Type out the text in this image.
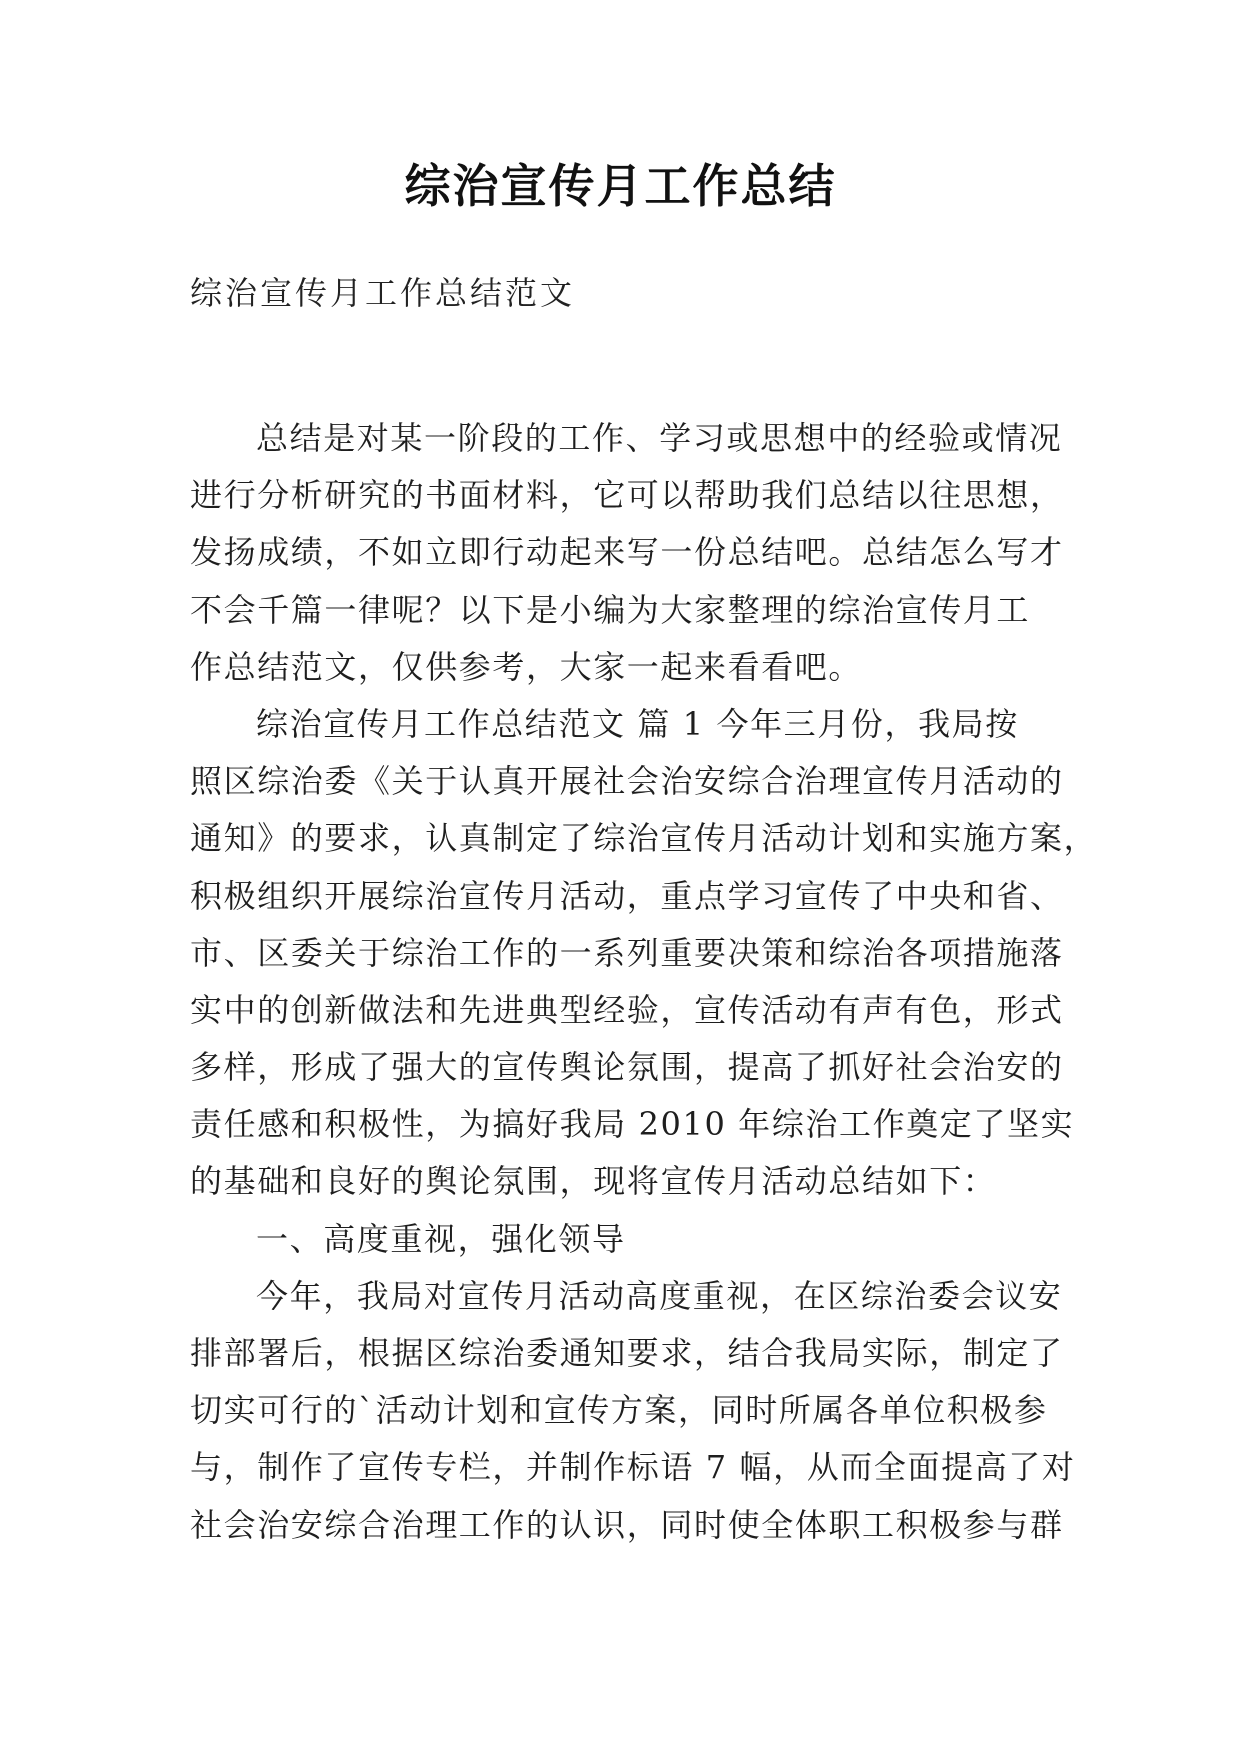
综治宣传月工作总结
综治宣传月工作总结范文
总结是对某一阶段的工作、学习或思想中的经验或情况
进行分析研究的书面材料，它可以帮助我们总结以往思想，
发扬成绩，不如立即行动起来写一份总结吧。总结怎么写才
不会千篇一律呢？以下是小编为大家整理的综治宣传月工
作总结范文，仅供参考，大家一起来看看吧。
综治宣传月工作总结范文 篇 1 今年三月份，我局按
照区综治委《关于认真开展社会治安综合治理宣传月活动的
通知》的要求，认真制定了综治宣传月活动计划和实施方案，
积极组织开展综治宣传月活动，重点学习宣传了中央和省、
市、区委关于综治工作的一系列重要决策和综治各项措施落
实中的创新做法和先进典型经验，宣传活动有声有色，形式
多样，形成了强大的宣传舆论氛围，提高了抓好社会治安的
责任感和积极性，为搞好我局 2010 年综治工作奠定了坚实
的基础和良好的舆论氛围，现将宣传月活动总结如下：
一、高度重视，强化领导
今年，我局对宣传月活动高度重视，在区综治委会议安
排部署后，根据区综治委通知要求，结合我局实际，制定了
切实可行的`活动计划和宣传方案，同时所属各单位积极参
与，制作了宣传专栏，并制作标语 7 幅，从而全面提高了对
社会治安综合治理工作的认识，同时使全体职工积极参与群
